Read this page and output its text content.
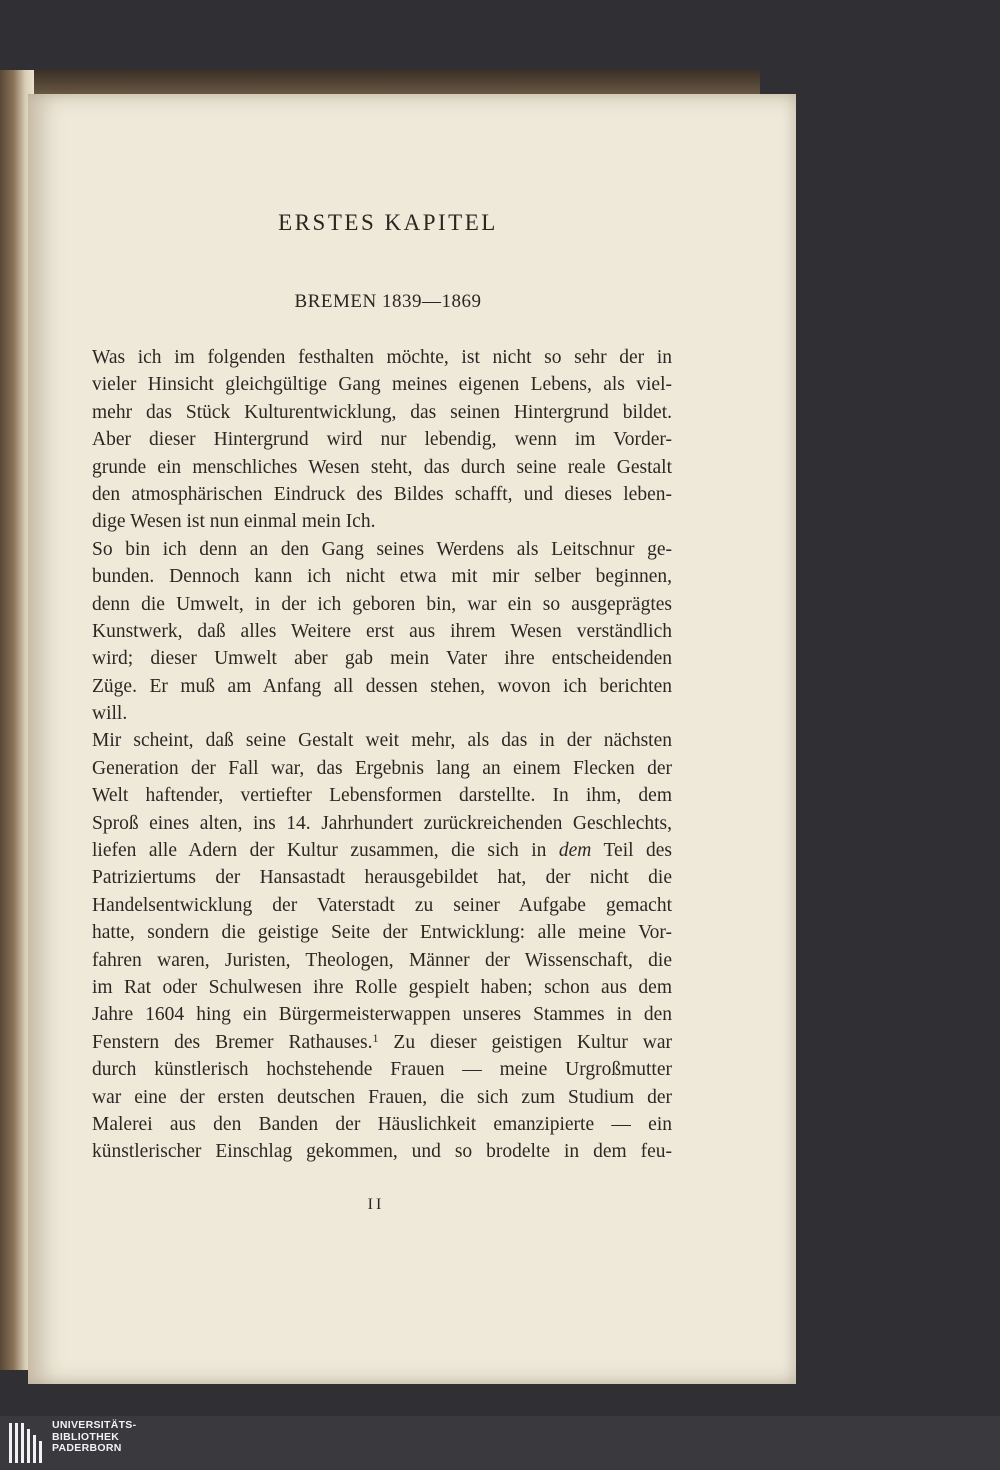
ERSTES KAPITEL
BREMEN 1839—1869
Was ich im folgenden festhalten möchte, ist nicht so sehr der in
vieler Hinsicht gleichgültige Gang meines eigenen Lebens, als viel-
mehr das Stück Kulturentwicklung, das seinen Hintergrund bildet.
Aber dieser Hintergrund wird nur lebendig, wenn im Vorder-
grunde ein menschliches Wesen steht, das durch seine reale Gestalt
den atmosphärischen Eindruck des Bildes schafft, und dieses leben-
dige Wesen ist nun einmal mein Ich.
So bin ich denn an den Gang seines Werdens als Leitschnur ge-
bunden. Dennoch kann ich nicht etwa mit mir selber beginnen,
denn die Umwelt, in der ich geboren bin, war ein so ausgeprägtes
Kunstwerk, daß alles Weitere erst aus ihrem Wesen verständlich
wird; dieser Umwelt aber gab mein Vater ihre entscheidenden
Züge. Er muß am Anfang all dessen stehen, wovon ich berichten
will.
Mir scheint, daß seine Gestalt weit mehr, als das in der nächsten
Generation der Fall war, das Ergebnis lang an einem Flecken der
Welt haftender, vertiefter Lebensformen darstellte. In ihm, dem
Sproß eines alten, ins 14. Jahrhundert zurückreichenden Geschlechts,
liefen alle Adern der Kultur zusammen, die sich in dem Teil des
Patriziertums der Hansastadt herausgebildet hat, der nicht die
Handelsentwicklung der Vaterstadt zu seiner Aufgabe gemacht
hatte, sondern die geistige Seite der Entwicklung: alle meine Vor-
fahren waren, Juristen, Theologen, Männer der Wissenschaft, die
im Rat oder Schulwesen ihre Rolle gespielt haben; schon aus dem
Jahre 1604 hing ein Bürgermeisterwappen unseres Stammes in den
Fenstern des Bremer Rathauses.$^1$ Zu dieser geistigen Kultur war
durch künstlerisch hochstehende Frauen — meine Urgroßmutter
war eine der ersten deutschen Frauen, die sich zum Studium der
Malerei aus den Banden der Häuslichkeit emanzipierte — ein
künstlerischer Einschlag gekommen, und so brodelte in dem feu-
II
UNIVERSITÄTS-
BIBLIOTHEK
PADERBORN
